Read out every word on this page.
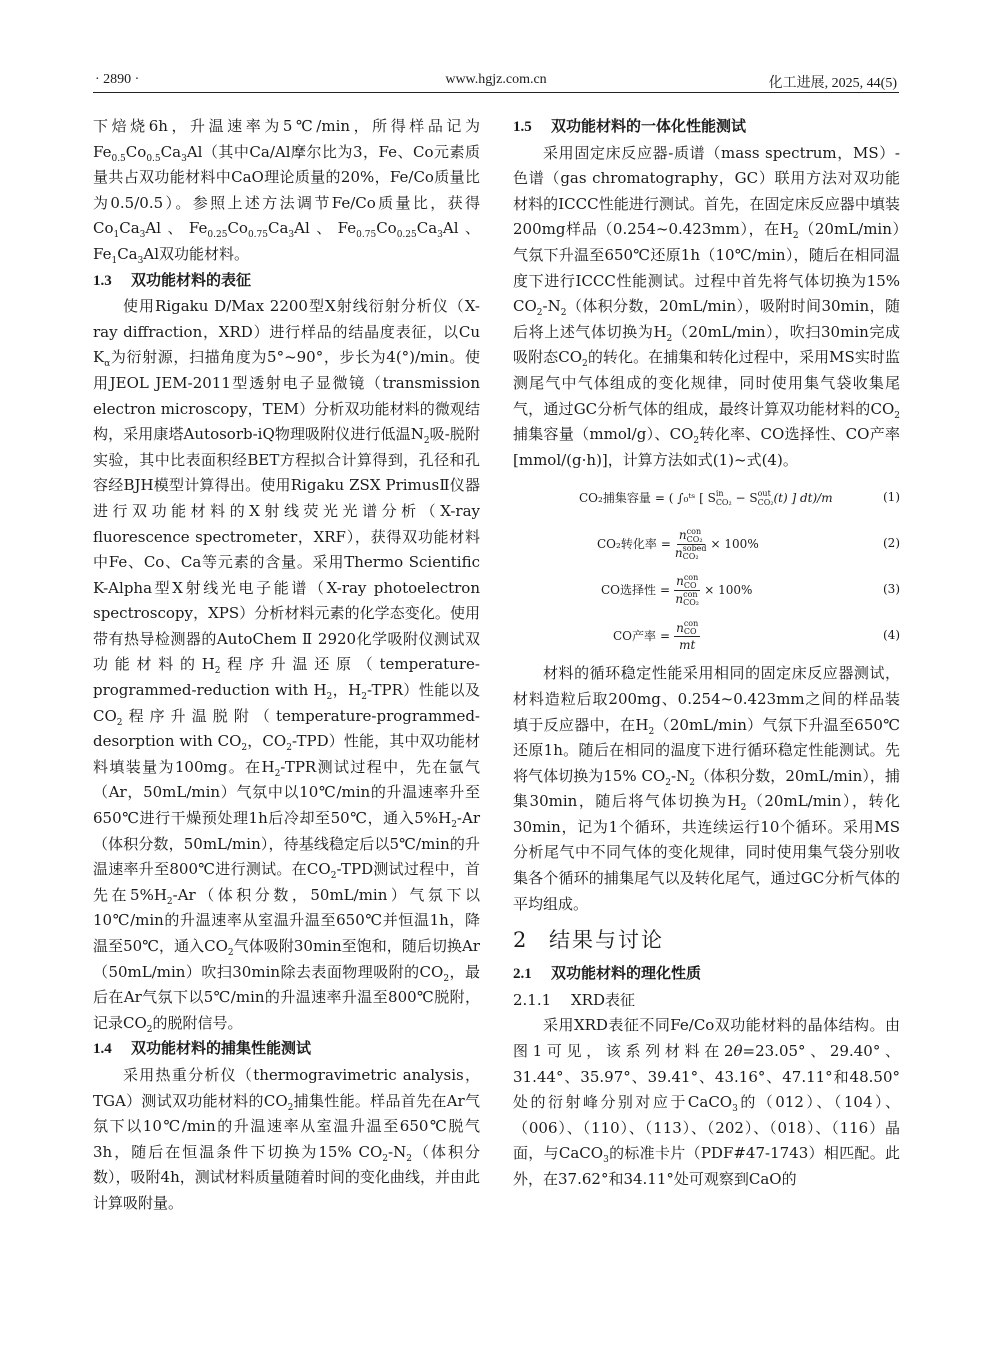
· 2890 ·	www.hgjz.com.cn	化工进展, 2025, 44(5)

下焙烧6h，升温速率为5℃/min，所得样品记为$Fe_{0.5}Co_{0.5}Ca_3Al$（其中Ca/Al摩尔比为3，Fe、Co元素质量共占双功能材料中CaO理论质量的20%，Fe/Co质量比为0.5/0.5）。参照上述方法调节Fe/Co质量比，获得$Co_1Ca_3Al$、$Fe_{0.25}Co_{0.75}Ca_3Al$、$Fe_{0.75}Co_{0.25}Ca_3Al$、$Fe_1Ca_3Al$双功能材料。

1.3 双功能材料的表征

使用Rigaku D/Max 2200型X射线衍射分析仪（X-ray diffraction，XRD）进行样品的结晶度表征，以Cu $K_\alpha$为衍射源，扫描角度为5°~90°，步长为4(°)/min。使用JEOL JEM-2011型透射电子显微镜（transmission electron microscopy，TEM）分析双功能材料的微观结构，采用康塔Autosorb-iQ物理吸附仪进行低温$N_2$吸-脱附实验，其中比表面积经BET方程拟合计算得到，孔径和孔容经BJH模型计算得出。使用Rigaku ZSX PrimusⅡ仪器进行双功能材料的X射线荧光光谱分析（X-ray fluorescence spectrometer，XRF），获得双功能材料中Fe、Co、Ca等元素的含量。采用Thermo Scientific K-Alpha型X射线光电子能谱（X-ray photoelectron spectroscopy，XPS）分析材料元素的化学态变化。使用带有热导检测器的AutoChem Ⅱ 2920化学吸附仪测试双功能材料的$H_2$程序升温还原（temperature-programmed-reduction with $H_2$，$H_2-TPR$）性能以及$CO_2$程序升温脱附（temperature-programmed-desorption with $CO_2$，$CO_2-TPD$）性能，其中双功能材料填装量为100mg。在$H_2$-TPR测试过程中，先在氩气（Ar，50mL/min）气氛中以10℃/min的升温速率升至650℃进行干燥预处理1h后冷却至50℃，通入$5\%H_2-Ar$（体积分数，50mL/min），待基线稳定后以5℃/min的升温速率升至800℃进行测试。在$CO_2$-TPD测试过程中，首先在$5\%H_2-Ar$（体积分数，50mL/min）气氛下以10℃/min的升温速率从室温升温至650℃并恒温1h，降温至50℃，通入$CO_2$气体吸附30min至饱和，随后切换Ar（50mL/min）吹扫30min除去表面物理吸附的$CO_2$，最后在Ar气氛下以5℃/min的升温速率升温至800℃脱附，记录$CO_2$的脱附信号。

1.4 双功能材料的捕集性能测试

采用热重分析仪（thermogravimetric analysis，TGA）测试双功能材料的$CO_2$捕集性能。样品首先在Ar气氛下以10℃/min的升温速率从室温升温至650℃脱气3h，随后在恒温条件下切换为15% $CO_2-N_2$（体积分数），吸附4h，测试材料质量随着时间的变化曲线，并由此计算吸附量。

1.5 双功能材料的一体化性能测试

采用固定床反应器-质谱（mass spectrum，MS）-色谱（gas chromatography，GC）联用方法对双功能材料的ICCC性能进行测试。首先，在固定床反应器中填装200mg样品（0.254~0.423mm），在$H_2(20mL/\min)$气氛下升温至650℃还原1h（10℃/min），随后在相同温度下进行ICCC性能测试。过程中首先将气体切换为15% $CO_2-N_2$（体积分数，20mL/min），吸附时间30min，随后将上述气体切换为$H_2(20mL/\min)$，吹扫30min完成吸附态$CO_2$的转化。在捕集和转化过程中，采用MS实时监测尾气中气体组成的变化规律，同时使用集气袋收集尾气，通过GC分析气体的组成，最终计算双功能材料的$CO_2$捕集容量（mmol/g）、$CO_2$转化率、CO选择性、CO产率[mmol/(g·h)]，计算方法如式(1)~式(4)。

CO₂捕集容量 = ( ∫₀ᵗˢ [ S in
CO₂ − S out
CO₂ (t) ] dt)/m	(1)
CO₂转化率 = n con
CO₂
n sobed
CO₂ × 100%	(2)
CO选择性 = n con
CO
n con
CO₂ × 100%	(3)
CO产率 = n con
CO
mt	(4)

材料的循环稳定性能采用相同的固定床反应器测试，材料造粒后取200mg、0.254~0.423mm之间的样品装填于反应器中，在$H_2(20mL/\min)$气氛下升温至650℃还原1h。随后在相同的温度下进行循环稳定性能测试。先将气体切换为15% $CO_2-N_2$（体积分数，20mL/min），捕集30min，随后将气体切换为$H_2(20mL/\min)$，转化30min，记为1个循环，共连续运行10个循环。采用MS分析尾气中不同气体的变化规律，同时使用集气袋分别收集各个循环的捕集尾气以及转化尾气，通过GC分析气体的平均组成。

2 结果与讨论
2.1 双功能材料的理化性质
2.1.1 XRD表征

采用XRD表征不同Fe/Co双功能材料的晶体结构。由图1可见，该系列材料在2θ=23.05°、29.40°、31.44°、35.97°、39.41°、43.16°、47.11°和48.50°处的衍射峰分别对应于CaCO$_3$的（012）、（104）、（006）、（110）、（113）、（202）、（018）、（116）晶面，与CaCO$_3$的标准卡片（PDF#47-1743）相匹配。此外，在37.62°和34.11°处可观察到CaO的
